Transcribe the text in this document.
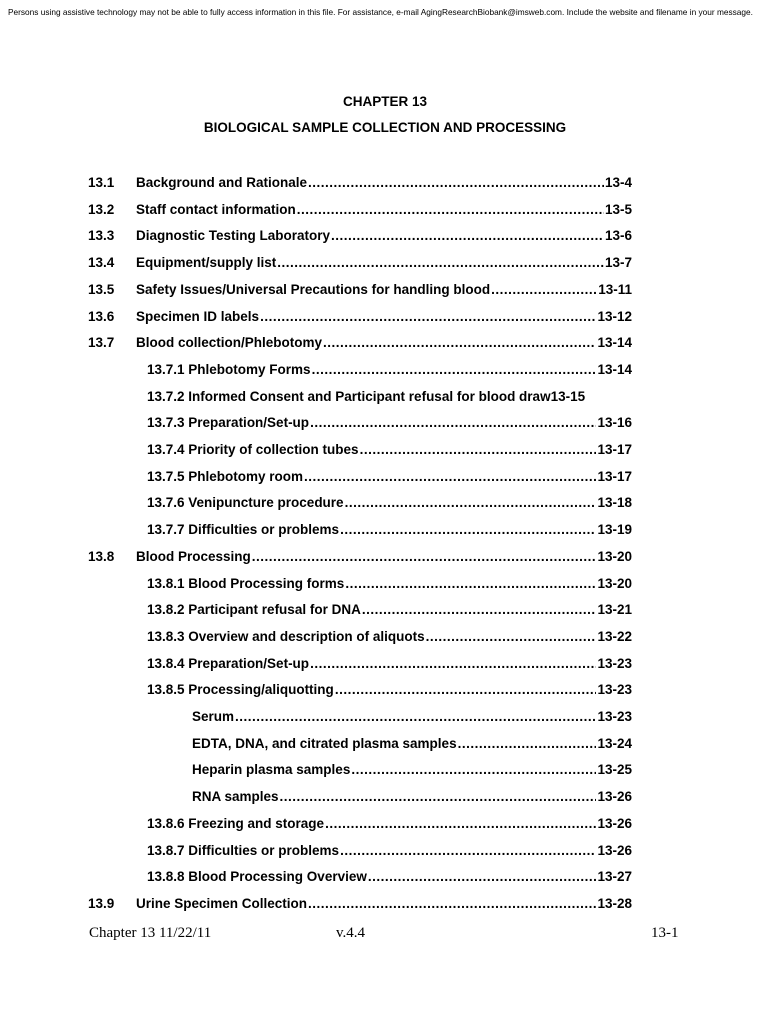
Persons using assistive technology may not be able to fully access information in this file. For assistance, e-mail AgingResearchBiobank@imsweb.com. Include the website and filename in your message.
CHAPTER 13
BIOLOGICAL SAMPLE COLLECTION AND PROCESSING
13.1	Background and Rationale .....	13-4
13.2	Staff contact information .....	13-5
13.3	Diagnostic Testing Laboratory .....	13-6
13.4	Equipment/supply list .....	13-7
13.5	Safety Issues/Universal Precautions for handling blood .....	13-11
13.6	Specimen ID labels .....	13-12
13.7	Blood collection/Phlebotomy .....	13-14
13.7.1 Phlebotomy Forms .....	13-14
13.7.2 Informed Consent and Participant refusal for blood draw 13-15
13.7.3 Preparation/Set-up .....	13-16
13.7.4 Priority of collection tubes .....	13-17
13.7.5 Phlebotomy room .....	13-17
13.7.6 Venipuncture procedure .....	13-18
13.7.7 Difficulties or problems .....	13-19
13.8	Blood Processing .....	13-20
13.8.1 Blood Processing forms .....	13-20
13.8.2 Participant refusal for DNA .....	13-21
13.8.3 Overview and description of aliquots .....	13-22
13.8.4 Preparation/Set-up .....	13-23
13.8.5 Processing/aliquotting .....	13-23
Serum .....	13-23
EDTA, DNA, and citrated plasma samples .....	13-24
Heparin plasma samples .....	13-25
RNA samples .....	13-26
13.8.6 Freezing and storage .....	13-26
13.8.7 Difficulties or problems .....	13-26
13.8.8 Blood Processing Overview .....	13-27
13.9	Urine Specimen Collection .....	13-28
Chapter 13 11/22/11	v.4.4	13-1
